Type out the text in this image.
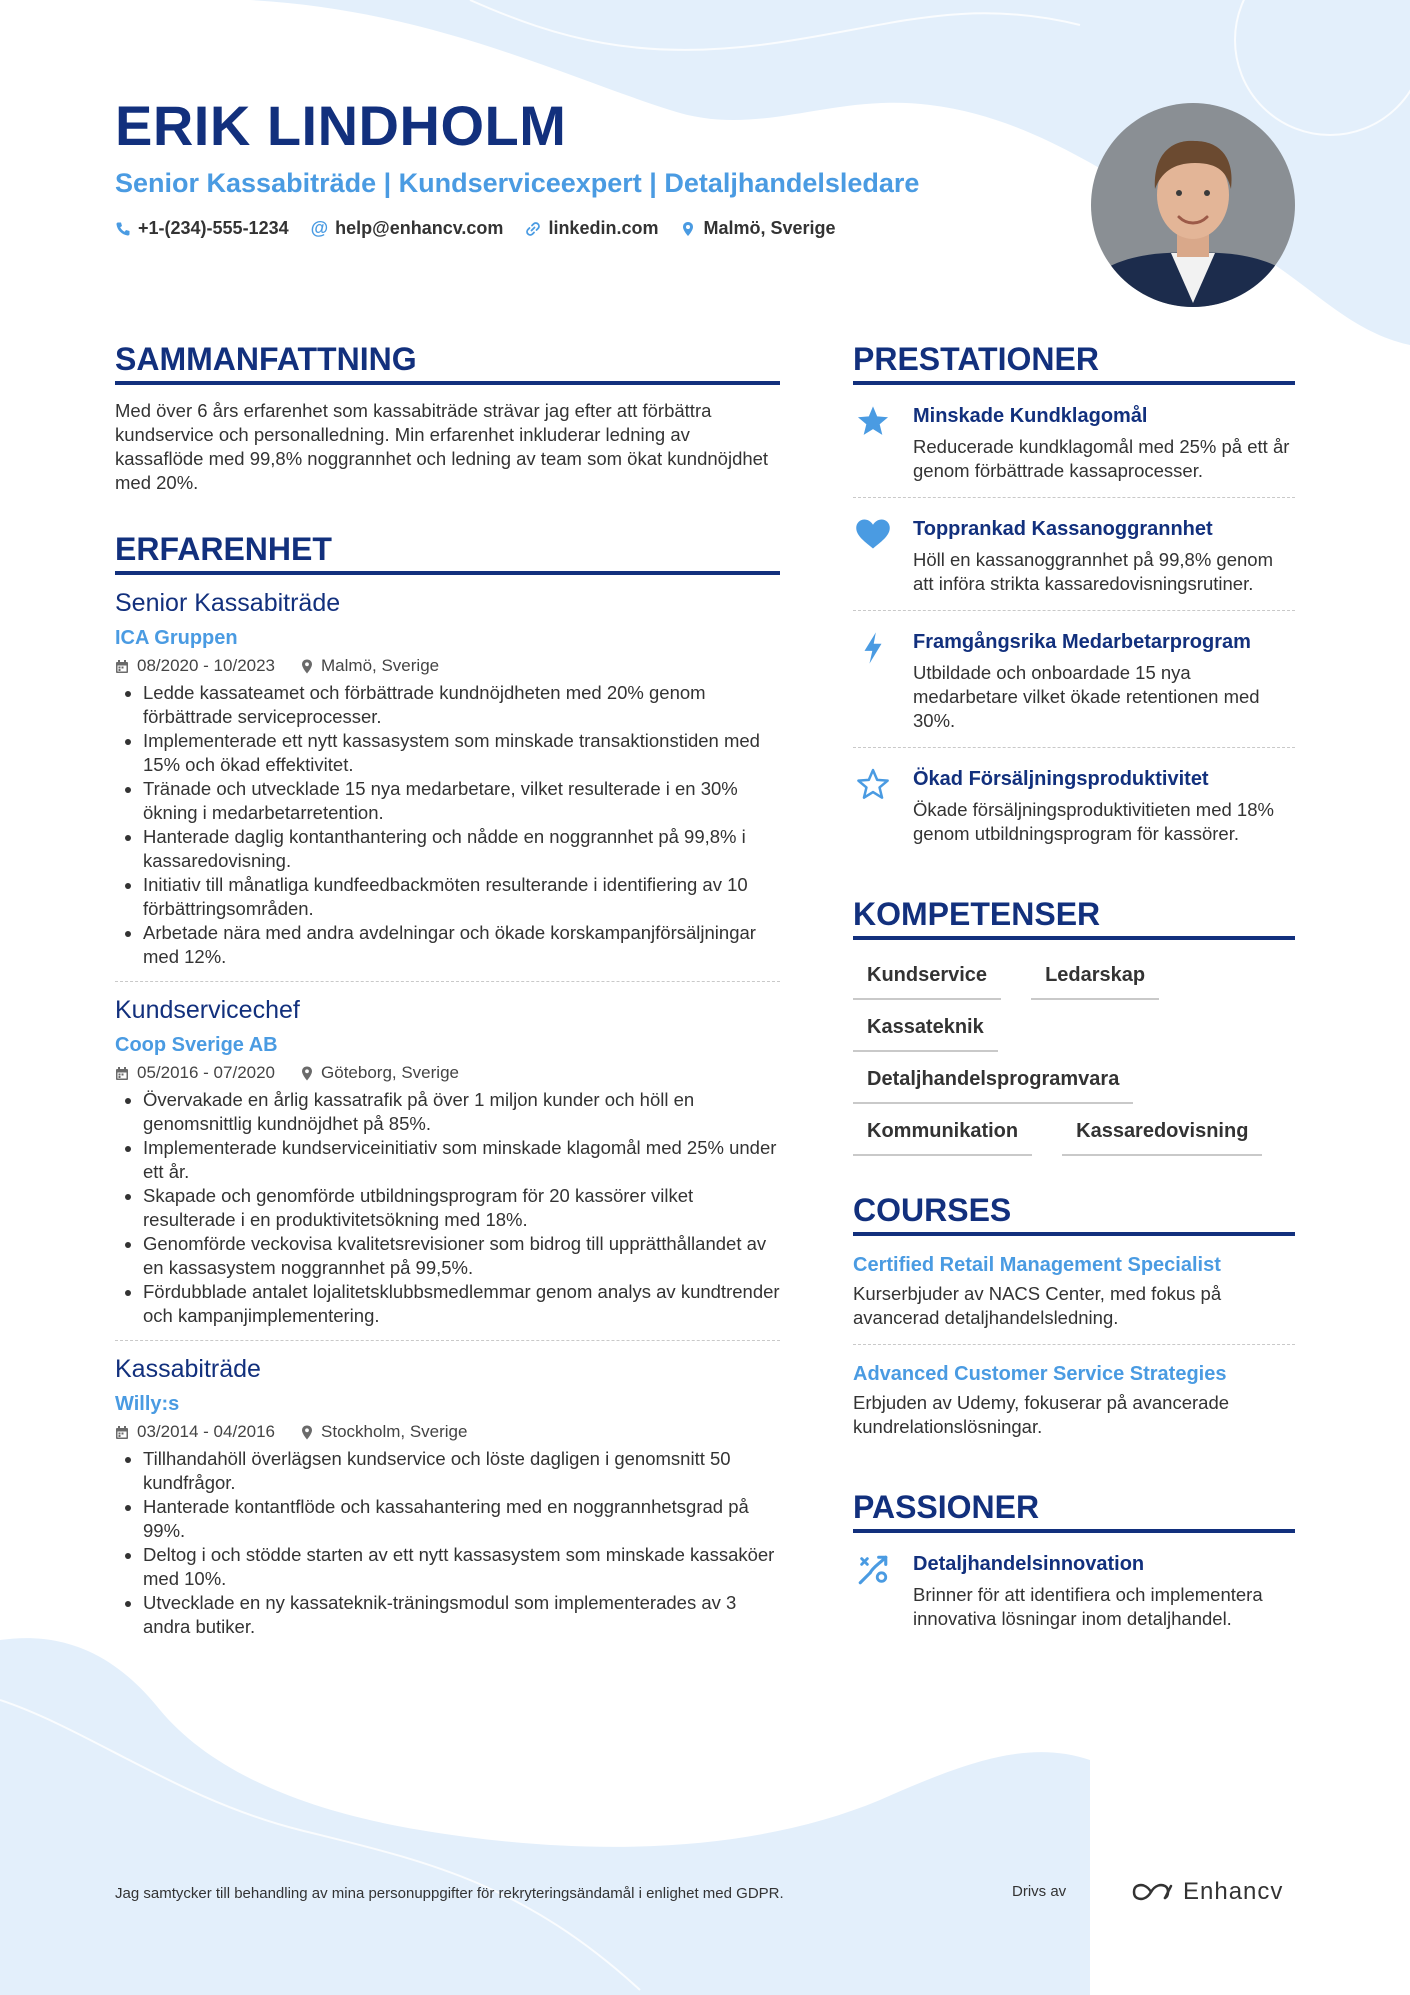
ERIK LINDHOLM
Senior Kassabiträde | Kundserviceexpert | Detaljhandelsledare
+1-(234)-555-1234 @ help@enhancv.com	linkedin.com	Malmö, Sverige
SAMMANFATTNING
Med över 6 års erfarenhet som kassabiträde strävar jag efter att förbättra kundservice och personalledning. Min erfarenhet inkluderar ledning av kassaflöde med 99,8% noggrannhet och ledning av team som ökat kundnöjdhet med 20%.
ERFARENHET
Senior Kassabiträde
ICA Gruppen
08/2020 - 10/2023	Malmö, Sverige
• Ledde kassateamet och förbättrade kundnöjdheten med 20% genom förbättrade serviceprocesser.
• Implementerade ett nytt kassasystem som minskade transaktionstiden med 15% och ökad effektivitet.
• Tränade och utvecklade 15 nya medarbetare, vilket resulterade i en 30% ökning i medarbetarretention.
• Hanterade daglig kontanthantering och nådde en noggrannhet på 99,8% i kassaredovisning.
• Initiativ till månatliga kundfeedbackmöten resulterande i identifiering av 10 förbättringsområden.
• Arbetade nära med andra avdelningar och ökade korskampanjförsäljningar med 12%.
Kundservicechef
Coop Sverige AB
05/2016 - 07/2020	Göteborg, Sverige
• Övervakade en årlig kassatrafik på över 1 miljon kunder och höll en genomsnittlig kundnöjdhet på 85%.
• Implementerade kundserviceinitiativ som minskade klagomål med 25% under ett år.
• Skapade och genomförde utbildningsprogram för 20 kassörer vilket resulterade i en produktivitetsökning med 18%.
• Genomförde veckovisa kvalitetsrevisioner som bidrog till upprätthållandet av en kassasystem noggrannhet på 99,5%.
• Fördubblade antalet lojalitetsklubbsmedlemmar genom analys av kundtrender och kampanjimplementering.
Kassabiträde
Willy:s
03/2014 - 04/2016	Stockholm, Sverige
• Tillhandahöll överlägsen kundservice och löste dagligen i genomsnitt 50 kundfrågor.
• Hanterade kontantflöde och kassahantering med en noggrannhetsgrad på 99%.
• Deltog i och stödde starten av ett nytt kassasystem som minskade kassaköer med 10%.
• Utvecklade en ny kassateknik-träningsmodul som implementerades av 3 andra butiker.
PRESTATIONER
Minskade Kundklagomål
Reducerade kundklagomål med 25% på ett år genom förbättrade kassaprocesser.
Topprankad Kassanoggrannhet
Höll en kassanoggrannhet på 99,8% genom att införa strikta kassaredovisningsrutiner.
Framgångsrika Medarbetarprogram
Utbildade och onboardade 15 nya medarbetare vilket ökade retentionen med 30%.
Ökad Försäljningsproduktivitet
Ökade försäljningsproduktivitieten med 18% genom utbildningsprogram för kassörer.
KOMPETENSER
Kundservice	Ledarskap
Kassateknik
Detaljhandelsprogramvara
Kommunikation	Kassaredovisning
COURSES
Certified Retail Management Specialist
Kurserbjuder av NACS Center, med fokus på avancerad detaljhandelsledning.
Advanced Customer Service Strategies
Erbjuden av Udemy, fokuserar på avancerade kundrelationslösningar.
PASSIONER
Detaljhandelsinnovation
Brinner för att identifiera och implementera innovativa lösningar inom detaljhandel.
Jag samtycker till behandling av mina personuppgifter för rekryteringsändamål i enlighet med GDPR.	Drivs av	Enhancv
